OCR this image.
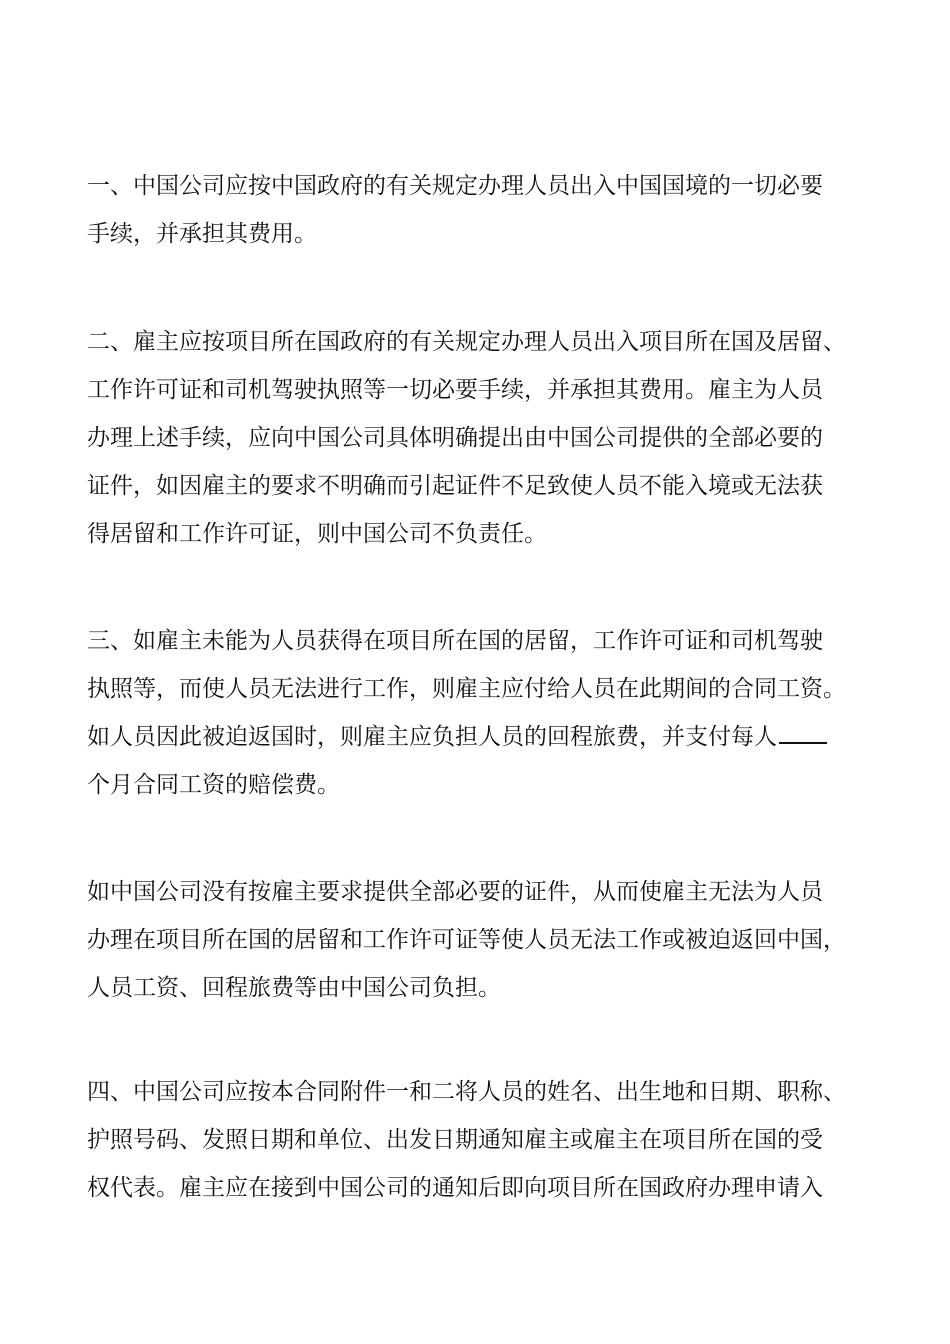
一、中国公司应按中国政府的有关规定办理人员出入中国国境的一切必要
手续，并承担其费用。

二、雇主应按项目所在国政府的有关规定办理人员出入项目所在国及居留、
工作许可证和司机驾驶执照等一切必要手续，并承担其费用。雇主为人员
办理上述手续，应向中国公司具体明确提出由中国公司提供的全部必要的
证件，如因雇主的要求不明确而引起证件不足致使人员不能入境或无法获
得居留和工作许可证，则中国公司不负责任。

三、如雇主未能为人员获得在项目所在国的居留，工作许可证和司机驾驶
执照等，而使人员无法进行工作，则雇主应付给人员在此期间的合同工资。
如人员因此被迫返国时，则雇主应负担人员的回程旅费，并支付每人
个月合同工资的赔偿费。

如中国公司没有按雇主要求提供全部必要的证件，从而使雇主无法为人员
办理在项目所在国的居留和工作许可证等使人员无法工作或被迫返回中国，
人员工资、回程旅费等由中国公司负担。

四、中国公司应按本合同附件一和二将人员的姓名、出生地和日期、职称、
护照号码、发照日期和单位、出发日期通知雇主或雇主在项目所在国的受
权代表。雇主应在接到中国公司的通知后即向项目所在国政府办理申请入
